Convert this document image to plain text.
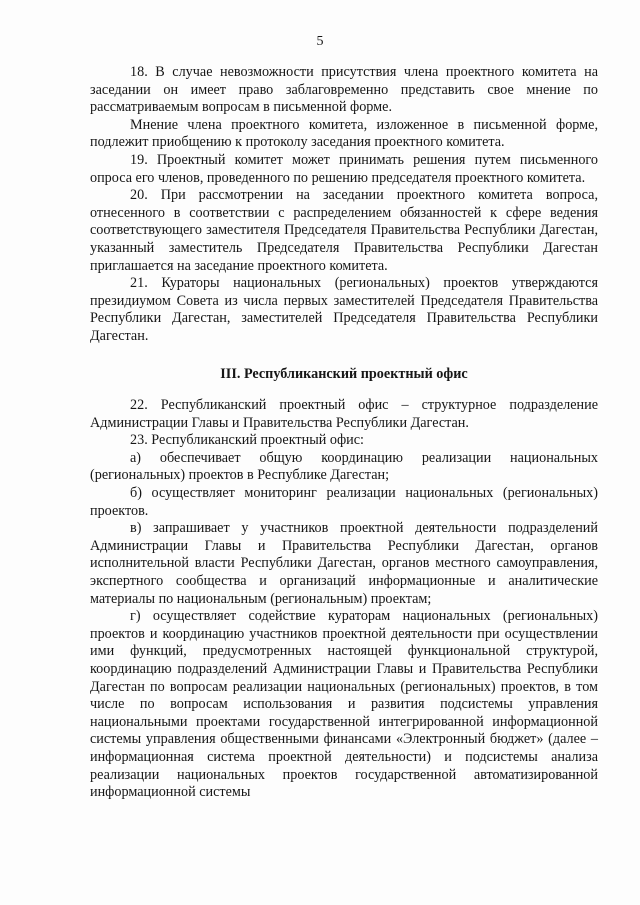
5

18. В случае невозможности присутствия члена проектного комитета на заседании он имеет право заблаговременно представить свое мнение по рассматриваемым вопросам в письменной форме.

Мнение члена проектного комитета, изложенное в письменной форме, подлежит приобщению к протоколу заседания проектного комитета.

19. Проектный комитет может принимать решения путем письменного опроса его членов, проведенного по решению председателя проектного комитета.

20. При рассмотрении на заседании проектного комитета вопроса, отнесенного в соответствии с распределением обязанностей к сфере ведения соответствующего заместителя Председателя Правительства Республики Дагестан, указанный заместитель Председателя Правительства Республики Дагестан приглашается на заседание проектного комитета.

21. Кураторы национальных (региональных) проектов утверждаются президиумом Совета из числа первых заместителей Председателя Правительства Республики Дагестан, заместителей Председателя Правительства Республики Дагестан.

III. Республиканский проектный офис

22. Республиканский проектный офис – структурное подразделение Администрации Главы и Правительства Республики Дагестан.

23. Республиканский проектный офис:

а) обеспечивает общую координацию реализации национальных (региональных) проектов в Республике Дагестан;

б) осуществляет мониторинг реализации национальных (региональных) проектов.

в) запрашивает у участников проектной деятельности подразделений Администрации Главы и Правительства Республики Дагестан, органов исполнительной власти Республики Дагестан, органов местного самоуправления, экспертного сообщества и организаций информационные и аналитические материалы по национальным (региональным) проектам;

г) осуществляет содействие кураторам национальных (региональных) проектов и координацию участников проектной деятельности при осуществлении ими функций, предусмотренных настоящей функциональной структурой, координацию подразделений Администрации Главы и Правительства Республики Дагестан по вопросам реализации национальных (региональных) проектов, в том числе по вопросам использования и развития подсистемы управления национальными проектами государственной интегрированной информационной системы управления общественными финансами «Электронный бюджет» (далее – информационная система проектной деятельности) и подсистемы анализа реализации национальных проектов государственной автоматизированной информационной системы
